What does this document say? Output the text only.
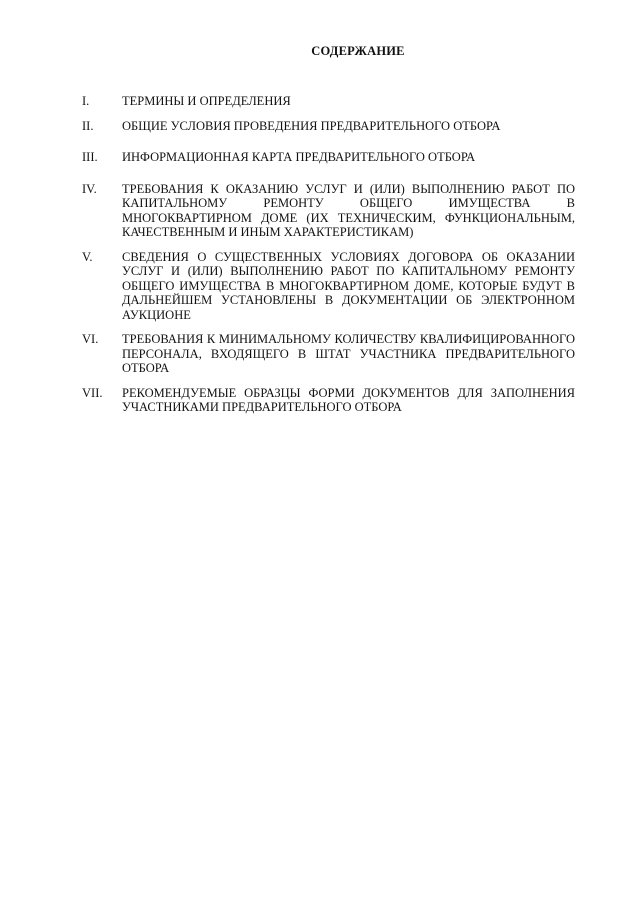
СОДЕРЖАНИЕ
I.	ТЕРМИНЫ И ОПРЕДЕЛЕНИЯ
II.	ОБЩИЕ УСЛОВИЯ ПРОВЕДЕНИЯ ПРЕДВАРИТЕЛЬНОГО ОТБОРА
III.	ИНФОРМАЦИОННАЯ КАРТА ПРЕДВАРИТЕЛЬНОГО ОТБОРА
IV.	ТРЕБОВАНИЯ К ОКАЗАНИЮ УСЛУГ И (ИЛИ) ВЫПОЛНЕНИЮ РАБОТ ПО КАПИТАЛЬНОМУ РЕМОНТУ ОБЩЕГО ИМУЩЕСТВА В МНОГОКВАРТИРНОМ ДОМЕ (ИХ ТЕХНИЧЕСКИМ, ФУНКЦИОНАЛЬНЫМ, КАЧЕСТВЕННЫМ И ИНЫМ ХАРАКТЕРИСТИКАМ)
V.	СВЕДЕНИЯ О СУЩЕСТВЕННЫХ УСЛОВИЯХ ДОГОВОРА ОБ ОКАЗАНИИ УСЛУГ И (ИЛИ) ВЫПОЛНЕНИЮ РАБОТ ПО КАПИТАЛЬНОМУ РЕМОНТУ ОБЩЕГО ИМУЩЕСТВА В МНОГОКВАРТИРНОМ ДОМЕ, КОТОРЫЕ БУДУТ В ДАЛЬНЕЙШЕМ УСТАНОВЛЕНЫ В ДОКУМЕНТАЦИИ ОБ ЭЛЕКТРОННОМ АУКЦИОНЕ
VI.	ТРЕБОВАНИЯ К МИНИМАЛЬНОМУ КОЛИЧЕСТВУ КВАЛИФИЦИРОВАННОГО ПЕРСОНАЛА, ВХОДЯЩЕГО В ШТАТ УЧАСТНИКА ПРЕДВАРИТЕЛЬНОГО ОТБОРА
VII.	РЕКОМЕНДУЕМЫЕ ОБРАЗЦЫ ФОРМИ ДОКУМЕНТОВ ДЛЯ ЗАПОЛНЕНИЯ УЧАСТНИКАМИ ПРЕДВАРИТЕЛЬНОГО ОТБОРА
